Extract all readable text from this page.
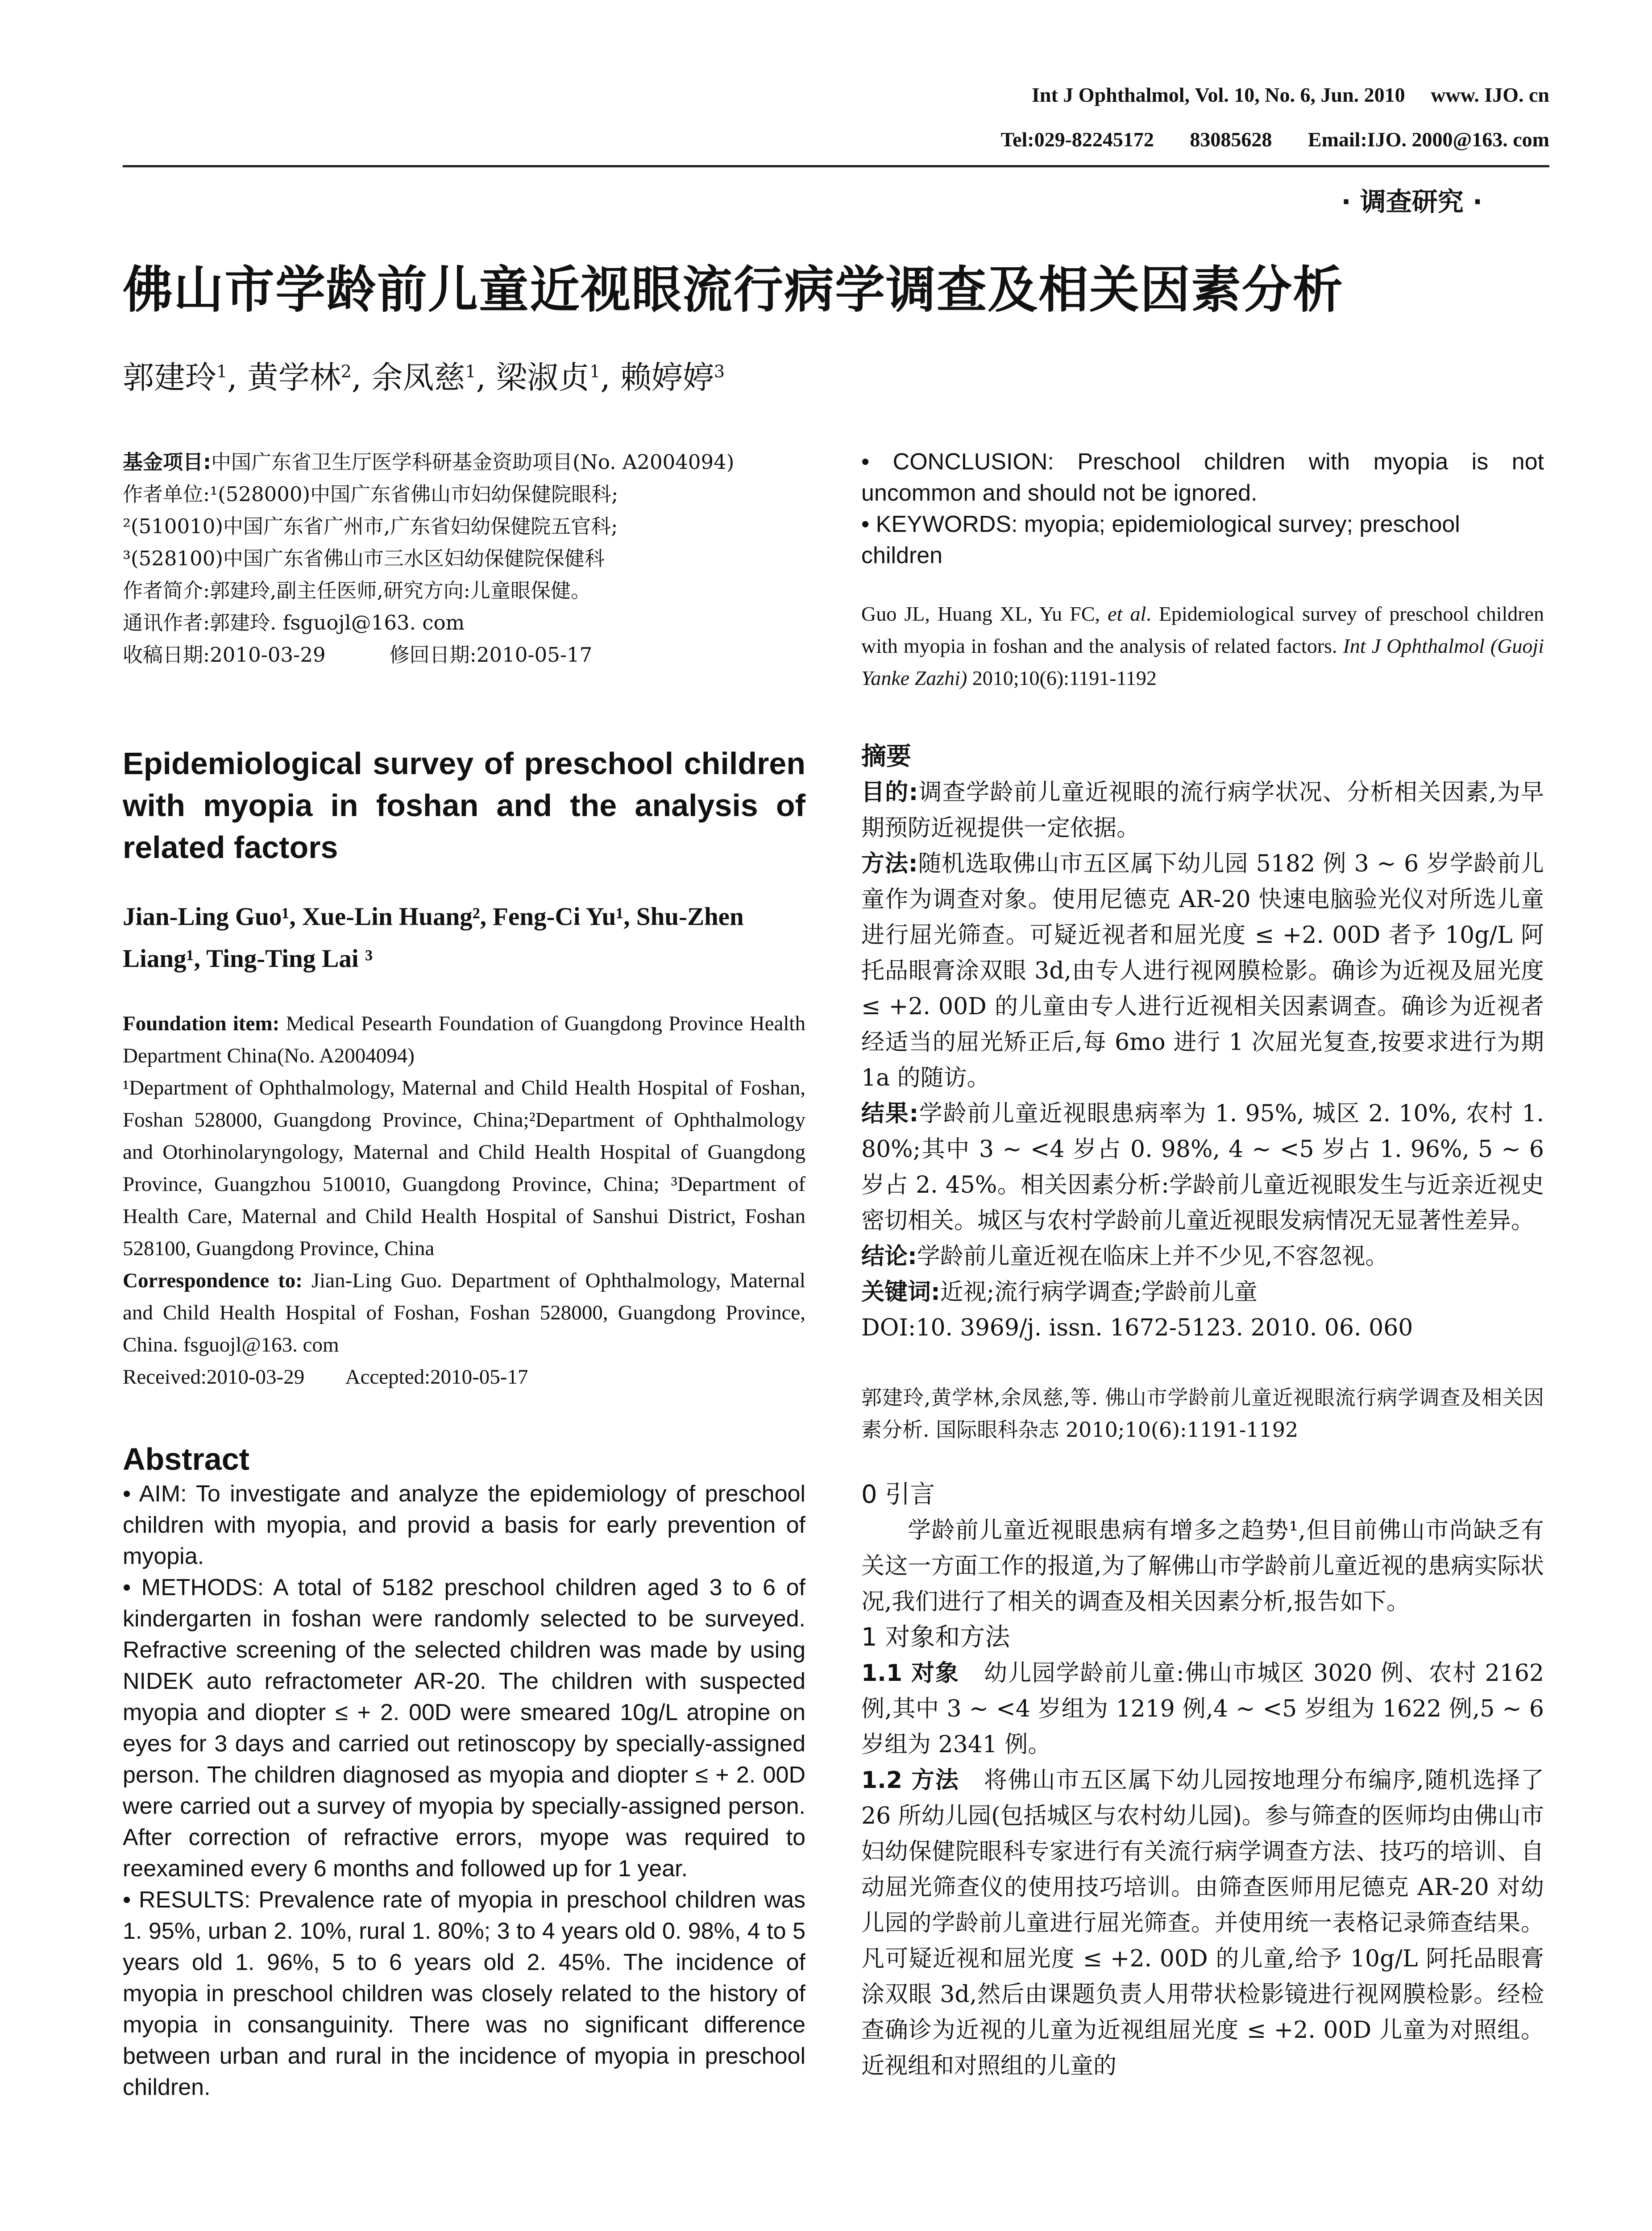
Int J Ophthalmol, Vol. 10, No. 6, Jun. 2010 www. IJO. cn
Tel:029-82245172 83085628 Email:IJO. 2000@163. com
· 调查研究 ·
佛山市学龄前儿童近视眼流行病学调查及相关因素分析
郭建玲$^1$, 黄学林$^2$, 余凤慈$^1$, 梁淑贞$^1$, 赖婷婷$^3$

基金项目:中国广东省卫生厅医学科研基金资助项目(No. A2004094)

作者单位:¹(528000)中国广东省佛山市妇幼保健院眼科;

²(510010)中国广东省广州市,广东省妇幼保健院五官科;

³(528100)中国广东省佛山市三水区妇幼保健院保健科

作者简介:郭建玲,副主任医师,研究方向:儿童眼保健。

通讯作者:郭建玲. fsguojl@163. com

收稿日期:2010-03-29	修回日期:2010-05-17

Epidemiological survey of preschool children with myopia in foshan and the analysis of related factors
Jian-Ling Guo¹, Xue-Lin Huang², Feng-Ci Yu¹, Shu-Zhen Liang¹, Ting-Ting Lai ³

Foundation item: Medical Pesearth Foundation of Guangdong Province Health Department China(No. A2004094)

¹Department of Ophthalmology, Maternal and Child Health Hospital of Foshan, Foshan 528000, Guangdong Province, China;²Department of Ophthalmology and Otorhinolaryngology, Maternal and Child Health Hospital of Guangdong Province, Guangzhou 510010, Guangdong Province, China; ³Department of Health Care, Maternal and Child Health Hospital of Sanshui District, Foshan 528100, Guangdong Province, China

Correspondence to: Jian-Ling Guo. Department of Ophthalmology, Maternal and Child Health Hospital of Foshan, Foshan 528000, Guangdong Province, China. fsguojl@163. com

Received:2010-03-29 Accepted:2010-05-17

Abstract

• AIM: To investigate and analyze the epidemiology of preschool children with myopia, and provid a basis for early prevention of myopia.

• METHODS: A total of 5182 preschool children aged 3 to 6 of kindergarten in foshan were randomly selected to be surveyed. Refractive screening of the selected children was made by using NIDEK auto refractometer AR-20. The children with suspected myopia and diopter ≤ + 2. 00D were smeared 10g/L atropine on eyes for 3 days and carried out retinoscopy by specially-assigned person. The children diagnosed as myopia and diopter ≤ + 2. 00D were carried out a survey of myopia by specially-assigned person. After correction of refractive errors, myope was required to reexamined every 6 months and followed up for 1 year.

• RESULTS: Prevalence rate of myopia in preschool children was 1. 95%, urban 2. 10%, rural 1. 80%; 3 to 4 years old 0. 98%, 4 to 5 years old 1. 96%, 5 to 6 years old 2. 45%. The incidence of myopia in preschool children was closely related to the history of myopia in consanguinity. There was no significant difference between urban and rural in the incidence of myopia in preschool children.

• CONCLUSION: Preschool children with myopia is not uncommon and should not be ignored.

• KEYWORDS: myopia; epidemiological survey; preschool children

Guo JL, Huang XL, Yu FC, et al. Epidemiological survey of preschool children with myopia in foshan and the analysis of related factors. Int J Ophthalmol (Guoji Yanke Zazhi) 2010;10(6):1191-1192
摘要

目的:调查学龄前儿童近视眼的流行病学状况、分析相关因素,为早期预防近视提供一定依据。

方法:随机选取佛山市五区属下幼儿园 5182 例 3 ~ 6 岁学龄前儿童作为调查对象。使用尼德克 AR-20 快速电脑验光仪对所选儿童进行屈光筛查。可疑近视者和屈光度 ≤ +2. 00D 者予 10g/L 阿托品眼膏涂双眼 3d,由专人进行视网膜检影。确诊为近视及屈光度 ≤ +2. 00D 的儿童由专人进行近视相关因素调查。确诊为近视者经适当的屈光矫正后,每 6mo 进行 1 次屈光复查,按要求进行为期 1a 的随访。

结果:学龄前儿童近视眼患病率为 1. 95%, 城区 2. 10%, 农村 1. 80%;其中 3 ~ <4 岁占 0. 98%, 4 ~ <5 岁占 1. 96%, 5 ~ 6 岁占 2. 45%。相关因素分析:学龄前儿童近视眼发生与近亲近视史密切相关。城区与农村学龄前儿童近视眼发病情况无显著性差异。

结论:学龄前儿童近视在临床上并不少见,不容忽视。

关键词:近视;流行病学调查;学龄前儿童

DOI:10. 3969/j. issn. 1672-5123. 2010. 06. 060

郭建玲,黄学林,余凤慈,等. 佛山市学龄前儿童近视眼流行病学调查及相关因素分析. 国际眼科杂志 2010;10(6):1191-1192

0 引言

学龄前儿童近视眼患病有增多之趋势¹,但目前佛山市尚缺乏有关这一方面工作的报道,为了解佛山市学龄前儿童近视的患病实际状况,我们进行了相关的调查及相关因素分析,报告如下。

1 对象和方法

1.1 对象 幼儿园学龄前儿童:佛山市城区 3020 例、农村 2162 例,其中 3 ~ <4 岁组为 1219 例,4 ~ <5 岁组为 1622 例,5 ~ 6 岁组为 2341 例。

1.2 方法 将佛山市五区属下幼儿园按地理分布编序,随机选择了 26 所幼儿园(包括城区与农村幼儿园)。参与筛查的医师均由佛山市妇幼保健院眼科专家进行有关流行病学调查方法、技巧的培训、自动屈光筛查仪的使用技巧培训。由筛查医师用尼德克 AR-20 对幼儿园的学龄前儿童进行屈光筛查。并使用统一表格记录筛查结果。凡可疑近视和屈光度 ≤ +2. 00D 的儿童,给予 10g/L 阿托品眼膏涂双眼 3d,然后由课题负责人用带状检影镜进行视网膜检影。经检查确诊为近视的儿童为近视组屈光度 ≤ +2. 00D 儿童为对照组。近视组和对照组的儿童的
